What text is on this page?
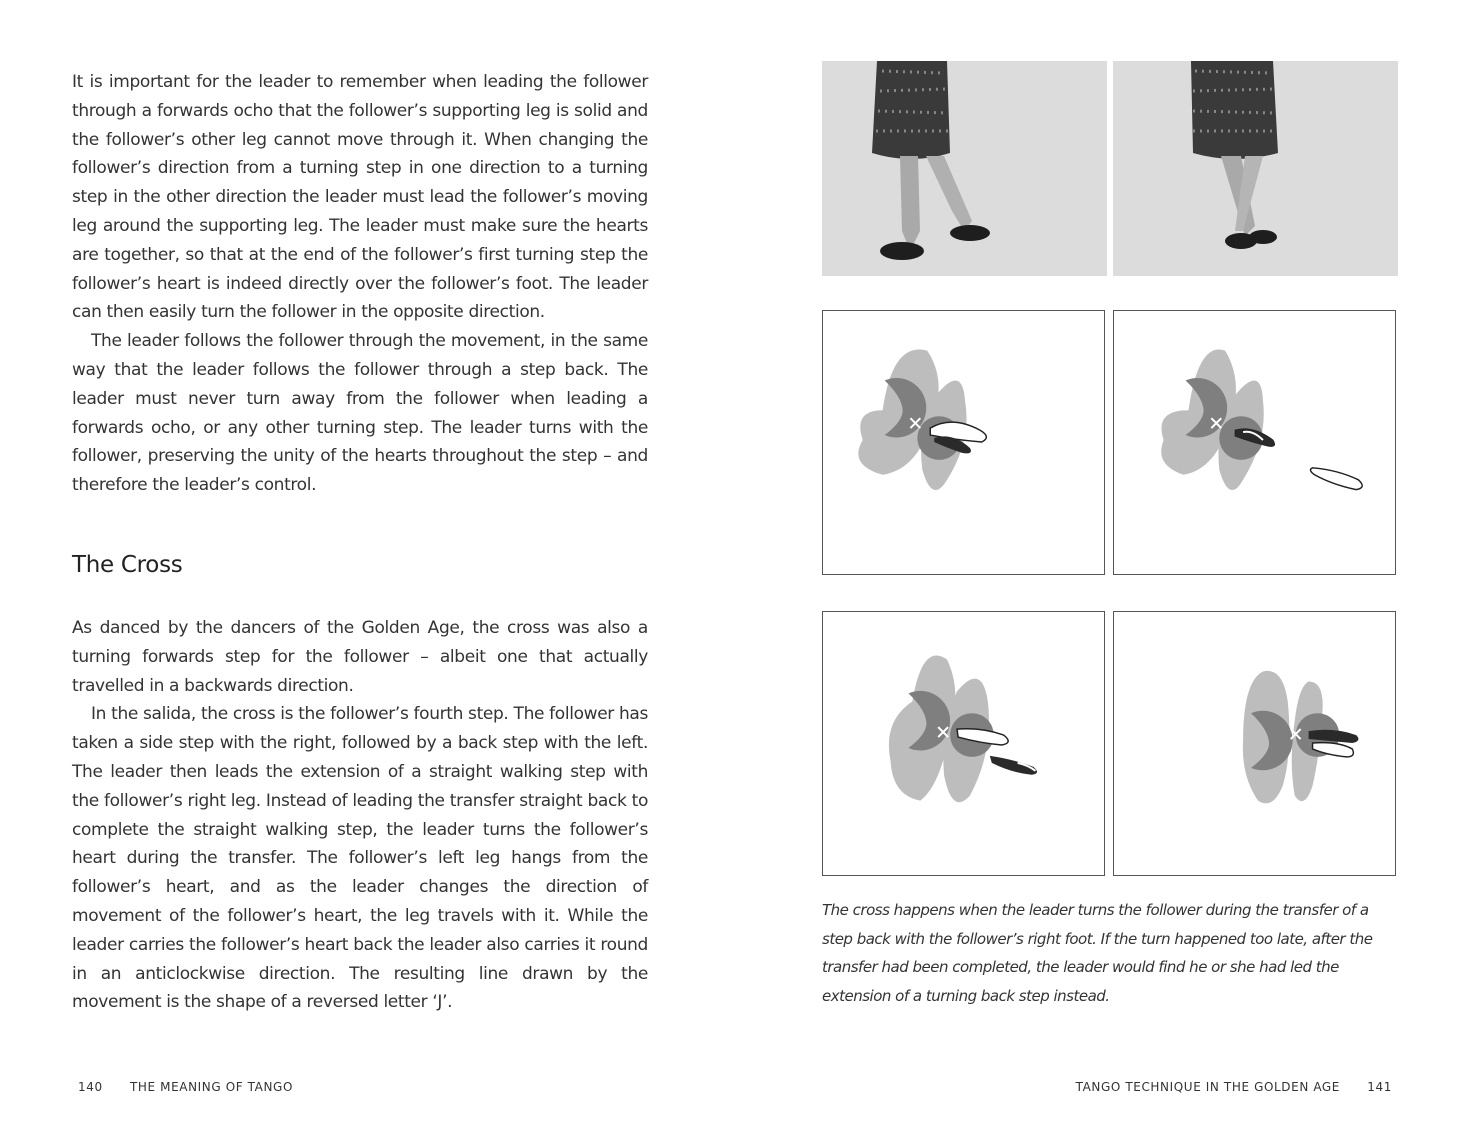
It is important for the leader to remember when leading the follower through a forwards ocho that the follower’s supporting leg is solid and the follower’s other leg cannot move through it. When changing the follower’s direction from a turning step in one direction to a turning step in the other direction the leader must lead the follower’s moving leg around the supporting leg. The leader must make sure the hearts are together, so that at the end of the follower’s first turning step the follower’s heart is indeed directly over the follower’s foot. The leader can then easily turn the follower in the opposite direction.

The leader follows the follower through the movement, in the same way that the leader follows the follower through a step back. The leader must never turn away from the follower when leading a forwards ocho, or any other turning step. The leader turns with the follower, preserving the unity of the hearts throughout the step – and therefore the leader’s control.

The Cross

As danced by the dancers of the Golden Age, the cross was also a turning forwards step for the follower – albeit one that actually travelled in a backwards direction.

In the salida, the cross is the follower’s fourth step. The follower has taken a side step with the right, followed by a back step with the left. The leader then leads the extension of a straight walking step with the follower’s right leg. Instead of leading the transfer straight back to complete the straight walking step, the leader turns the follower’s heart during the transfer. The follower’s left leg hangs from the follower’s heart, and as the leader changes the direction of movement of the follower’s heart, the leg travels with it. While the leader carries the follower’s heart back the leader also carries it round in an anticlockwise direction. The resulting line drawn by the movement is the shape of a reversed letter ‘J’.

140 THE MEANING OF TANGO

The cross happens when the leader turns the follower during the transfer of a step back with the follower’s right foot. If the turn happened too late, after the transfer had been completed, the leader would find he or she had led the extension of a turning back step instead.

TANGO TECHNIQUE IN THE GOLDEN AGE 141
